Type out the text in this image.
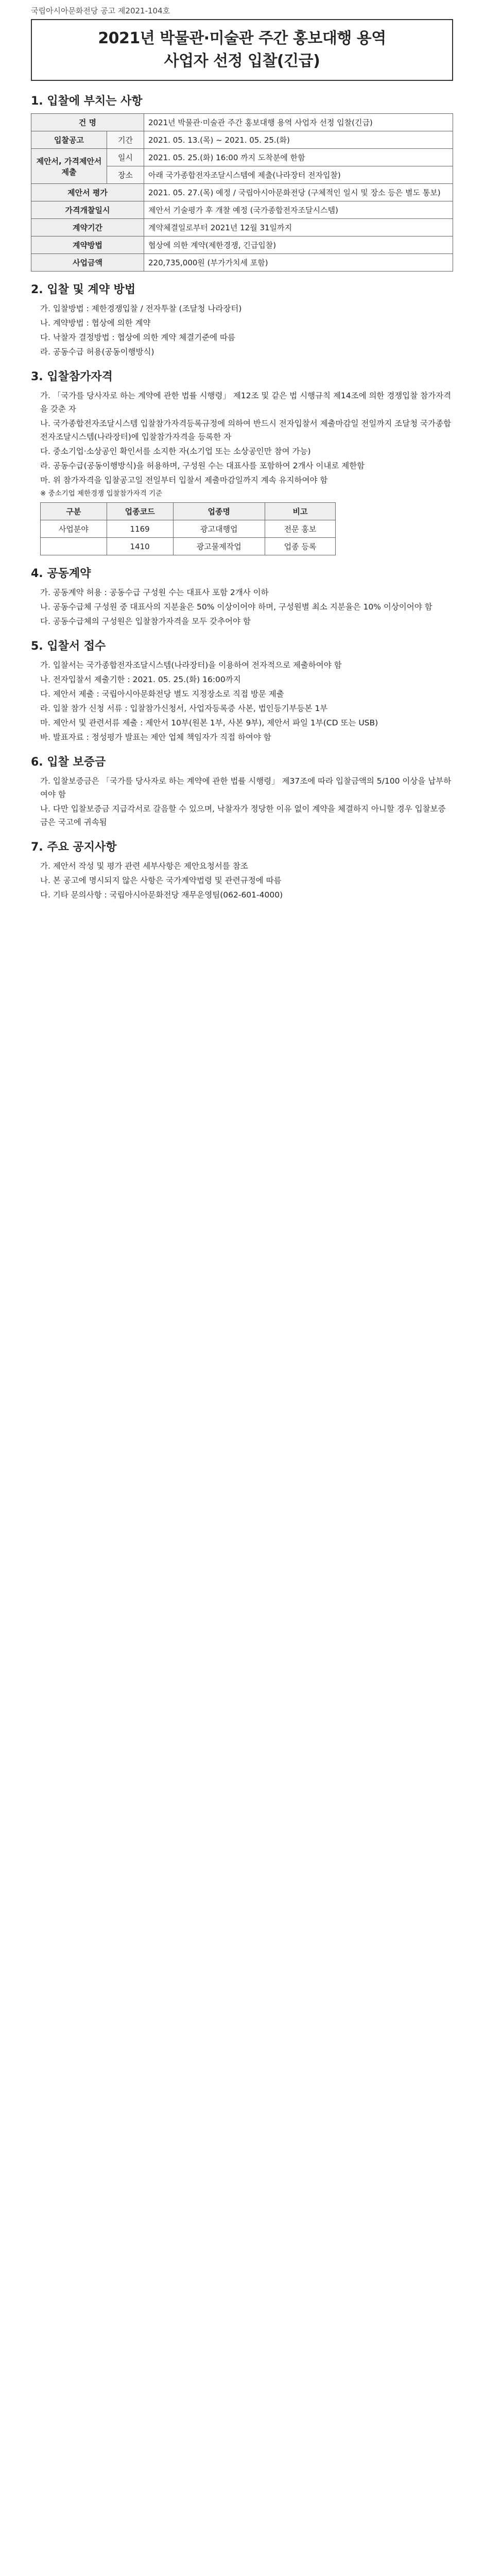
국립아시아문화전당 공고 제2021-104호
2021년 박물관·미술관 주간 홍보대행 용역
사업자 선정 입찰(긴급)
1. 입찰에 부치는 사항
건 명		2021년 박물관·미술관 주간 홍보대행 용역 사업자 선정 입찰(긴급)
입찰공고	기간	2021. 05. 13.(목) ~ 2021. 05. 25.(화)
제안서, 가격제안서제출	일시	2021. 05. 25.(화) 16:00 까지 도착분에 한함
	장소	아래 국가종합전자조달시스템에 제출(나라장터 전자입찰)
제안서 평가		2021. 05. 27.(목) 예정 / 국립아시아문화전당 (구체적인 일시 및 장소 등은 별도 통보)
가격개찰일시		제안서 기술평가 후 개찰 예정 (국가종합전자조달시스템)
계약기간		계약체결일로부터 2021년 12월 31일까지
계약방법		협상에 의한 계약(제한경쟁, 긴급입찰)
사업금액		220,735,000원 (부가가치세 포함)
2. 입찰 및 계약 방법

가. 입찰방법 : 제한경쟁입찰 / 전자투찰 (조달청 나라장터)

나. 계약방법 : 협상에 의한 계약

다. 낙찰자 결정방법 : 협상에 의한 계약 체결기준에 따름

라. 공동수급 허용(공동이행방식)

3. 입찰참가자격

가. 「국가를 당사자로 하는 계약에 관한 법률 시행령」 제12조 및 같은 법 시행규칙 제14조에 의한 경쟁입찰 참가자격을 갖춘 자

나. 국가종합전자조달시스템 입찰참가자격등록규정에 의하여 반드시 전자입찰서 제출마감일 전일까지 조달청 국가종합전자조달시스템(나라장터)에 입찰참가자격을 등록한 자

다. 중소기업·소상공인 확인서를 소지한 자(소기업 또는 소상공인만 참여 가능)

라. 공동수급(공동이행방식)을 허용하며, 구성원 수는 대표사를 포함하여 2개사 이내로 제한함

마. 위 참가자격을 입찰공고일 전일부터 입찰서 제출마감일까지 계속 유지하여야 함

※ 중소기업 제한경쟁 입찰참가자격 기준

구분	업종코드	업종명	비고
사업분야	1169	광고대행업	전문 홍보
	1410	광고물제작업	업종 등록
4. 공동계약

가. 공동계약 허용 : 공동수급 구성원 수는 대표사 포함 2개사 이하

나. 공동수급체 구성원 중 대표사의 지분율은 50% 이상이어야 하며, 구성원별 최소 지분율은 10% 이상이어야 함

다. 공동수급체의 구성원은 입찰참가자격을 모두 갖추어야 함

5. 입찰서 접수

가. 입찰서는 국가종합전자조달시스템(나라장터)을 이용하여 전자적으로 제출하여야 함

나. 전자입찰서 제출기한 : 2021. 05. 25.(화) 16:00까지

다. 제안서 제출 : 국립아시아문화전당 별도 지정장소로 직접 방문 제출

라. 입찰 참가 신청 서류 : 입찰참가신청서, 사업자등록증 사본, 법인등기부등본 1부

마. 제안서 및 관련서류 제출 : 제안서 10부(원본 1부, 사본 9부), 제안서 파일 1부(CD 또는 USB)

바. 발표자료 : 정성평가 발표는 제안 업체 책임자가 직접 하여야 함

6. 입찰 보증금

가. 입찰보증금은 「국가를 당사자로 하는 계약에 관한 법률 시행령」 제37조에 따라 입찰금액의 5/100 이상을 납부하여야 함

나. 다만 입찰보증금 지급각서로 갈음할 수 있으며, 낙찰자가 정당한 이유 없이 계약을 체결하지 아니할 경우 입찰보증금은 국고에 귀속됨

7. 주요 공지사항

가. 제안서 작성 및 평가 관련 세부사항은 제안요청서를 참조

나. 본 공고에 명시되지 않은 사항은 국가계약법령 및 관련규정에 따름

다. 기타 문의사항 : 국립아시아문화전당 재무운영팀(062-601-4000)
